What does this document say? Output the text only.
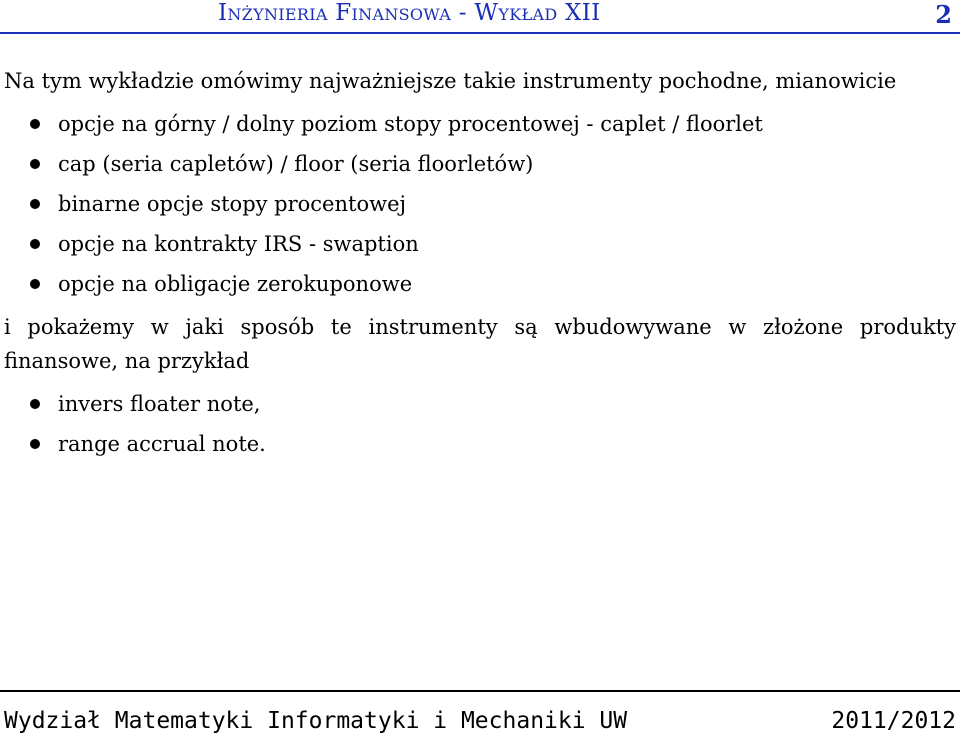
Inżynieria Finansowa - Wykład XII	2

Na tym wykładzie omówimy najważniejsze takie instrumenty pochodne, mianowicie

opcje na górny / dolny poziom stopy procentowej - caplet / floorlet
cap (seria capletów) / floor (seria floorletów)
binarne opcje stopy procentowej
opcje na kontrakty IRS - swaption
opcje na obligacje zerokuponowe

i pokażemy w jaki sposób te instrumenty są wbudowywane w złożone produkty finansowe, na przykład

invers floater note,
range accrual note.
Wydział Matematyki Informatyki i Mechaniki UW	2011/2012
